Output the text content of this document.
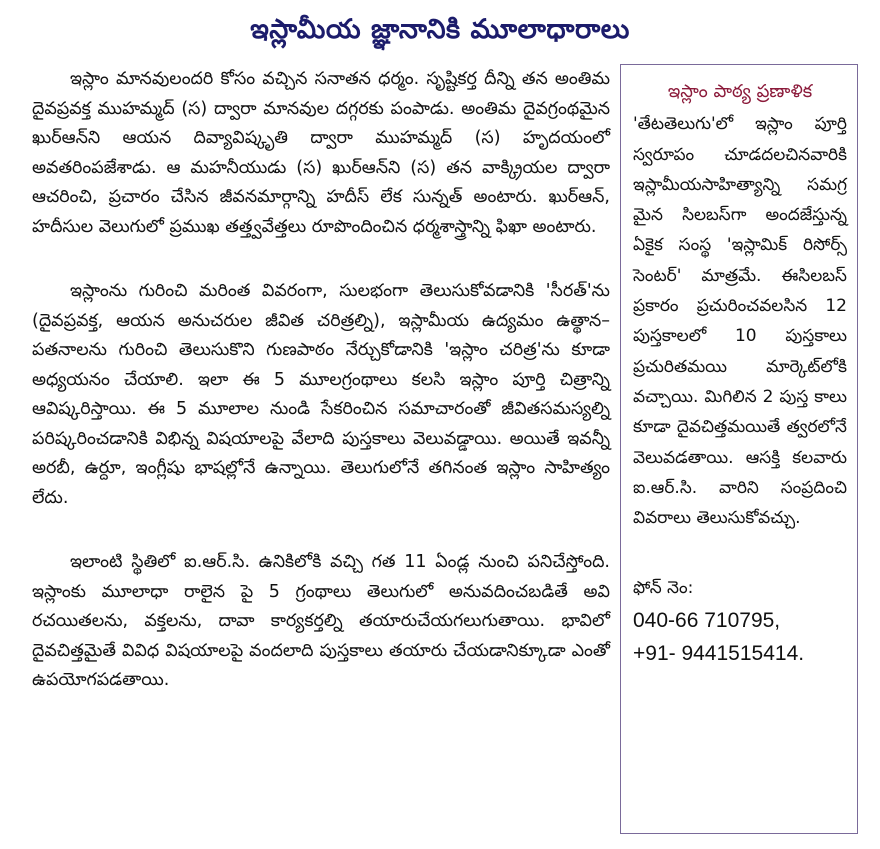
ఇస్లామీయ జ్ఞానానికి మూలాధారాలు

ఇస్లాం మానవులందరి కోసం వచ్చిన సనాతన ధర్మం. సృష్టికర్త దీన్ని తన అంతిమ దైవప్రవక్త ముహమ్మద్ (స) ద్వారా మానవుల దగ్గరకు పంపాడు. అంతిమ దైవగ్రంథమైన ఖుర్‌ఆన్‌ని ఆయన దివ్యావిష్కృతి ద్వారా ముహమ్మద్ (స) హృదయంలో అవతరింపజేశాడు. ఆ మహనీయుడు (స) ఖుర్‌ఆన్‌ని (స) తన వాక్క్రియల ద్వారా ఆచరించి, ప్రచారం చేసిన జీవనమార్గాన్ని హదీస్ లేక సున్నత్ అంటారు. ఖుర్‌ఆన్, హదీసుల వెలుగులో ప్రముఖ తత్త్వవేత్తలు రూపొందించిన ధర్మశాస్త్రాన్ని ఫిఖా అంటారు.

ఇస్లాంను గురించి మరింత వివరంగా, సులభంగా తెలుసుకోవడానికి 'సీరత్'ను (దైవప్రవక్త, ఆయన అనుచరుల జీవిత చరిత్రల్ని), ఇస్లామీయ ఉద్యమం ఉత్థాన–పతనాలను గురించి తెలుసుకొని గుణపాఠం నేర్చుకోడానికి 'ఇస్లాం చరిత్ర'ను కూడా అధ్యయనం చేయాలి. ఇలా ఈ 5 మూలగ్రంథాలు కలసి ఇస్లాం పూర్తి చిత్రాన్ని ఆవిష్కరిస్తాయి. ఈ 5 మూలాల నుండి సేకరించిన సమాచారంతో జీవితసమస్యల్ని పరిష్కరించడానికి విభిన్న విషయాలపై వేలాది పుస్తకాలు వెలువడ్డాయి. అయితే ఇవన్నీ అరబీ, ఉర్దూ, ఇంగ్లీషు భాషల్లోనే ఉన్నాయి. తెలుగులోనే తగినంత ఇస్లాం సాహిత్యం లేదు.

ఇలాంటి స్థితిలో ఐ.ఆర్.సి. ఉనికిలోకి వచ్చి గత 11 ఏండ్ల నుంచి పనిచేస్తోంది. ఇస్లాంకు మూలాధా రాలైన పై 5 గ్రంథాలు తెలుగులో అనువదించబడితే అవి రచయితలను, వక్తలను, దావా కార్యకర్తల్ని తయారుచేయగలుగుతాయి. భావిలో దైవచిత్తమైతే వివిధ విషయాలపై వందలాది పుస్తకాలు తయారు చేయడానిక్కూడా ఎంతో ఉపయోగపడతాయి.

ఇస్లాం పాఠ్య ప్రణాళిక
'తేటతెలుగు'లో ఇస్లాం పూర్తి స్వరూపం చూడదలచినవారికి ఇస్లామీయసాహిత్యాన్ని సమగ్ర మైన సిలబస్‌గా అందజేస్తున్న ఏకైక సంస్థ 'ఇస్లామిక్ రిసోర్స్ సెంటర్' మాత్రమే. ఈసిలబస్ ప్రకారం ప్రచురించవలసిన 12 పుస్తకాలలో 10 పుస్తకాలు ప్రచురితమయి మార్కెట్‌లోకి వచ్చాయి. మిగిలిన 2 పుస్త కాలు కూడా దైవచిత్తమయితే త్వరలోనే వెలువడతాయి. ఆసక్తి కలవారు ఐ.ఆర్.సి. వారిని సంప్రదించి వివరాలు తెలుసుకోవచ్చు.
ఫోన్ నెం:
040-66 710795,
+91- 9441515414.
